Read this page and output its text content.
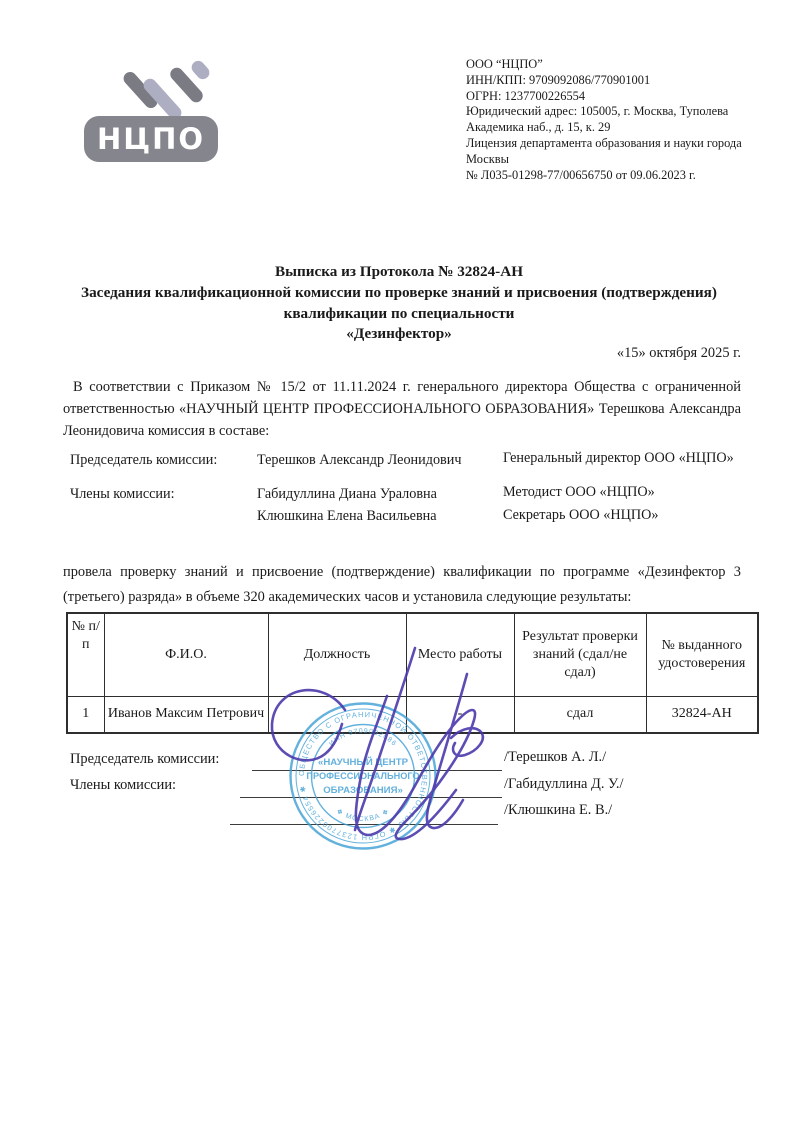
НЦПО
ООО “НЦПО”
ИНН/КПП: 9709092086/770901001
ОГРН: 1237700226554
Юридический адрес: 105005, г. Москва, Туполева
Академика наб., д. 15, к. 29
Лицензия департамента образования и науки города
Москвы
№ Л035-01298-77/00656750 от 09.06.2023 г.
Выписка из Протокола № 32824-АН
Заседания квалификационной комиссии по проверке знаний и присвоения (подтверждения)
квалификации по специальности
«Дезинфектор»
«15» октября 2025 г.
В соответствии с Приказом № 15/2 от 11.11.2024 г. генерального директора Общества с ограниченной ответственностью «НАУЧНЫЙ ЦЕНТР ПРОФЕССИОНАЛЬНОГО ОБРАЗОВАНИЯ» Терешкова Александра Леонидовича комиссия в составе:
Председатель комиссии:	Терешков Александр Леонидович	Генеральный директор ООО «НЦПО»
Члены комиссии:	Габидуллина Диана Ураловна	Методист ООО «НЦПО»
Клюшкина Елена Васильевна	Секретарь ООО «НЦПО»
провела проверку знаний и присвоение (подтверждение) квалификации по программе «Дезинфектор 3 (третьего) разряда» в объеме 320 академических часов и установила следующие результаты:
№ п/п	Ф.И.О.	Должность	Место работы	Результат проверки знаний (сдал/не сдал)	№ выданного удостоверения
1	Иванов Максим Петрович		-	сдал	32824-АН
Председатель комиссии:
Члены комиссии:
/Терешков А. Л./
/Габидуллина Д. У./
/Клюшкина Е. В./
ОБЩЕСТВО С ОГРАНИЧЕННОЙ ОТВЕТСТВЕННОСТЬЮ ✱ ОГРН 1237700226554 ✱
ИНН 9709092086
❖ МОСКВА ❖
«НАУЧНЫЙ ЦЕНТР
ПРОФЕССИОНАЛЬНОГО
ОБРАЗОВАНИЯ»
